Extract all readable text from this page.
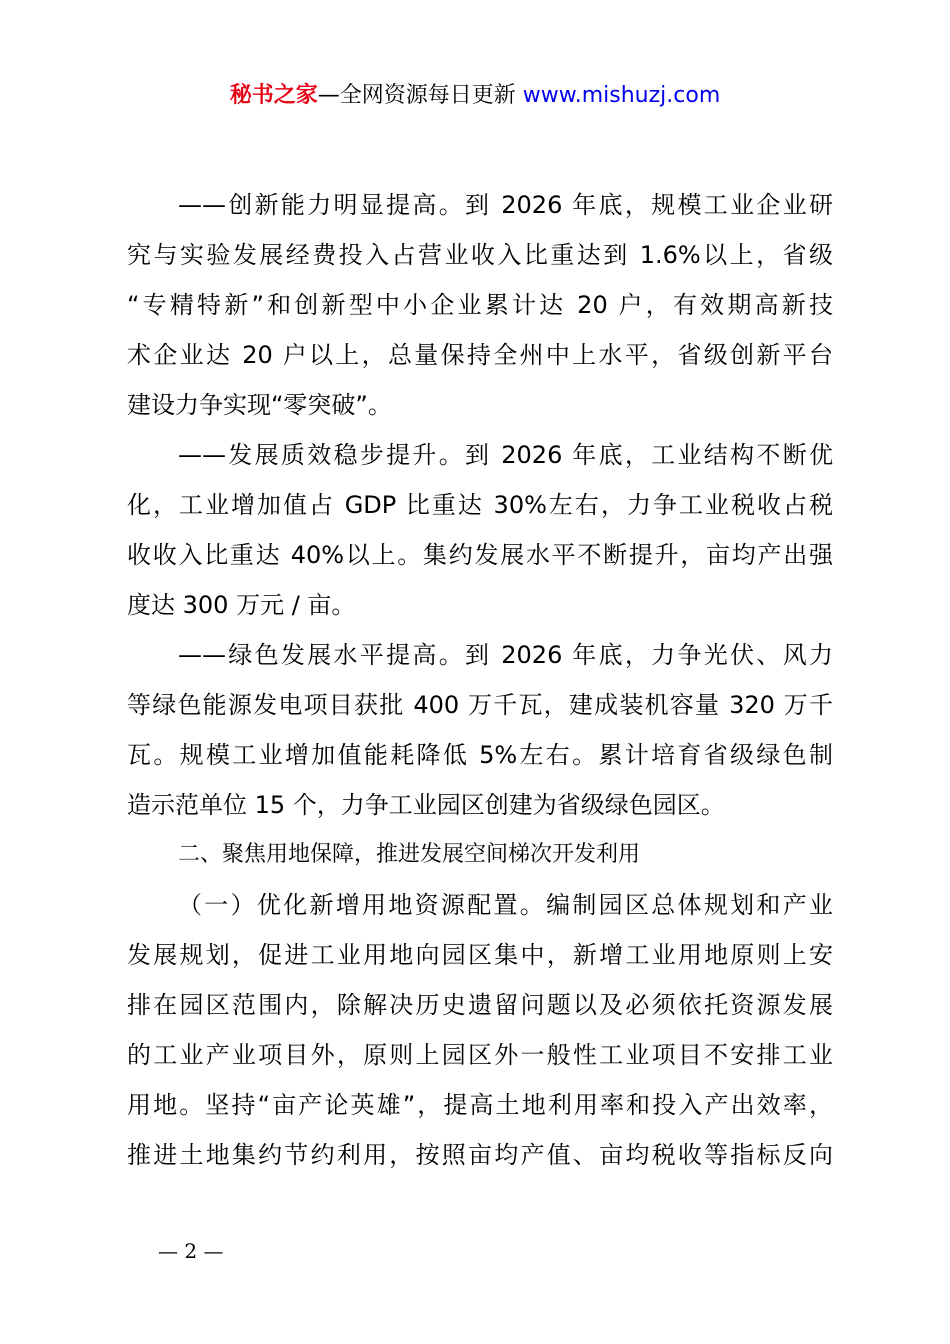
秘书之家—全网资源每日更新 www.mishuzj.com
——创新能力明显提高。到 2026 年底，规模工业企业研
究与实验发展经费投入占营业收入比重达到 1.6%以上，省级
“专精特新”和创新型中小企业累计达 20 户，有效期高新技
术企业达 20 户以上，总量保持全州中上水平，省级创新平台
建设力争实现“零突破”。
——发展质效稳步提升。到 2026 年底，工业结构不断优
化，工业增加值占 GDP 比重达 30%左右，力争工业税收占税
收收入比重达 40%以上。集约发展水平不断提升，亩均产出强
度达 300 万元 / 亩。
——绿色发展水平提高。到 2026 年底，力争光伏、风力
等绿色能源发电项目获批 400 万千瓦，建成装机容量 320 万千
瓦。规模工业增加值能耗降低 5%左右。累计培育省级绿色制
造示范单位 15 个，力争工业园区创建为省级绿色园区。
二、聚焦用地保障，推进发展空间梯次开发利用
（一）优化新增用地资源配置。编制园区总体规划和产业
发展规划，促进工业用地向园区集中，新增工业用地原则上安
排在园区范围内，除解决历史遗留问题以及必须依托资源发展
的工业产业项目外，原则上园区外一般性工业项目不安排工业
用地。坚持“亩产论英雄”，提高土地利用率和投入产出效率，
推进土地集约节约利用，按照亩均产值、亩均税收等指标反向
— 2 —
